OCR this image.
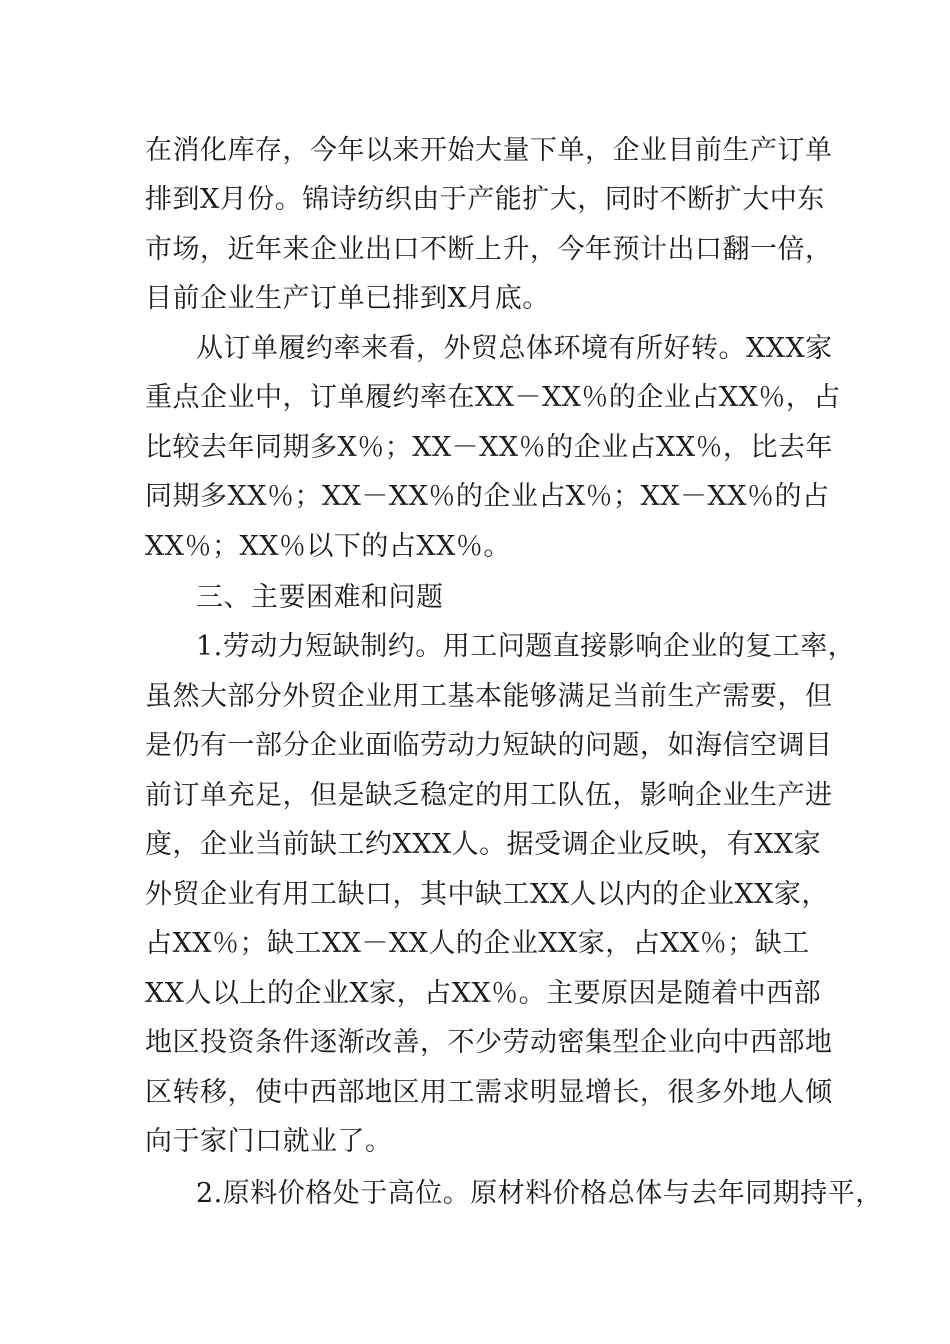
在消化库存，今年以来开始大量下单，企业目前生产订单
排到X月份。锦诗纺织由于产能扩大，同时不断扩大中东
市场，近年来企业出口不断上升，今年预计出口翻一倍，
目前企业生产订单已排到X月底。
从订单履约率来看，外贸总体环境有所好转。XXX家
重点企业中，订单履约率在XX－XX％的企业占XX％，占
比较去年同期多X％；XX－XX％的企业占XX％，比去年
同期多XX％；XX－XX％的企业占X％；XX－XX％的占
XX％；XX％以下的占XX％。
三、主要困难和问题
1.劳动力短缺制约。用工问题直接影响企业的复工率，
虽然大部分外贸企业用工基本能够满足当前生产需要，但
是仍有一部分企业面临劳动力短缺的问题，如海信空调目
前订单充足，但是缺乏稳定的用工队伍，影响企业生产进
度，企业当前缺工约XXX人。据受调企业反映，有XX家
外贸企业有用工缺口，其中缺工XX人以内的企业XX家，
占XX％；缺工XX－XX人的企业XX家，占XX％；缺工
XX人以上的企业X家，占XX％。主要原因是随着中西部
地区投资条件逐渐改善，不少劳动密集型企业向中西部地
区转移，使中西部地区用工需求明显增长，很多外地人倾
向于家门口就业了。
2.原料价格处于高位。原材料价格总体与去年同期持平，
